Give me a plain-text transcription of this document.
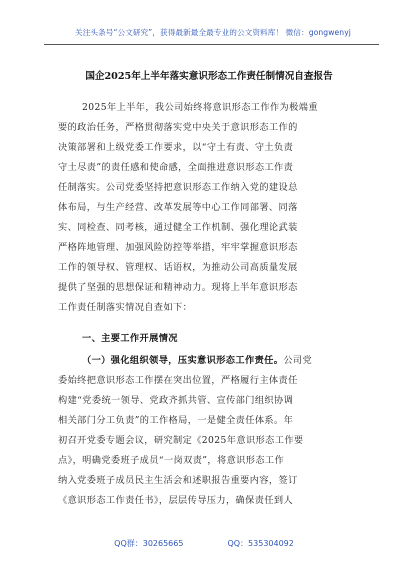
关注头条号“公文研究”，获得最新最全最专业的公文资料库！ 微信：gongwenyj
国企2025年上半年落实意识形态工作责任制情况自查报告
2025年上半年，我公司始终将意识形态工作作为极端重
要的政治任务，严格贯彻落实党中央关于意识形态工作的
决策部署和上级党委工作要求，以“守土有责、守土负责
守土尽责”的责任感和使命感，全面推进意识形态工作责
任制落实。公司党委坚持把意识形态工作纳入党的建设总
体布局，与生产经营、改革发展等中心工作同部署、同落
实、同检查、同考核，通过健全工作机制、强化理论武装
严格阵地管理、加强风险防控等举措，牢牢掌握意识形态
工作的领导权、管理权、话语权，为推动公司高质量发展
提供了坚强的思想保证和精神动力。现将上半年意识形态
工作责任制落实情况自查如下：
一、主要工作开展情况
（一）强化组织领导，压实意识形态工作责任。公司党
委始终把意识形态工作摆在突出位置，严格履行主体责任
构建“党委统一领导、党政齐抓共管、宣传部门组织协调
相关部门分工负责”的工作格局，一是健全责任体系。年
初召开党委专题会议，研究制定《2025年意识形态工作要
点》，明确党委班子成员“一岗双责”，将意识形态工作
纳入党委班子成员民主生活会和述职报告重要内容，签订
《意识形态工作责任书》，层层传导压力，确保责任到人
QQ群：30265665	QQ：535304092
